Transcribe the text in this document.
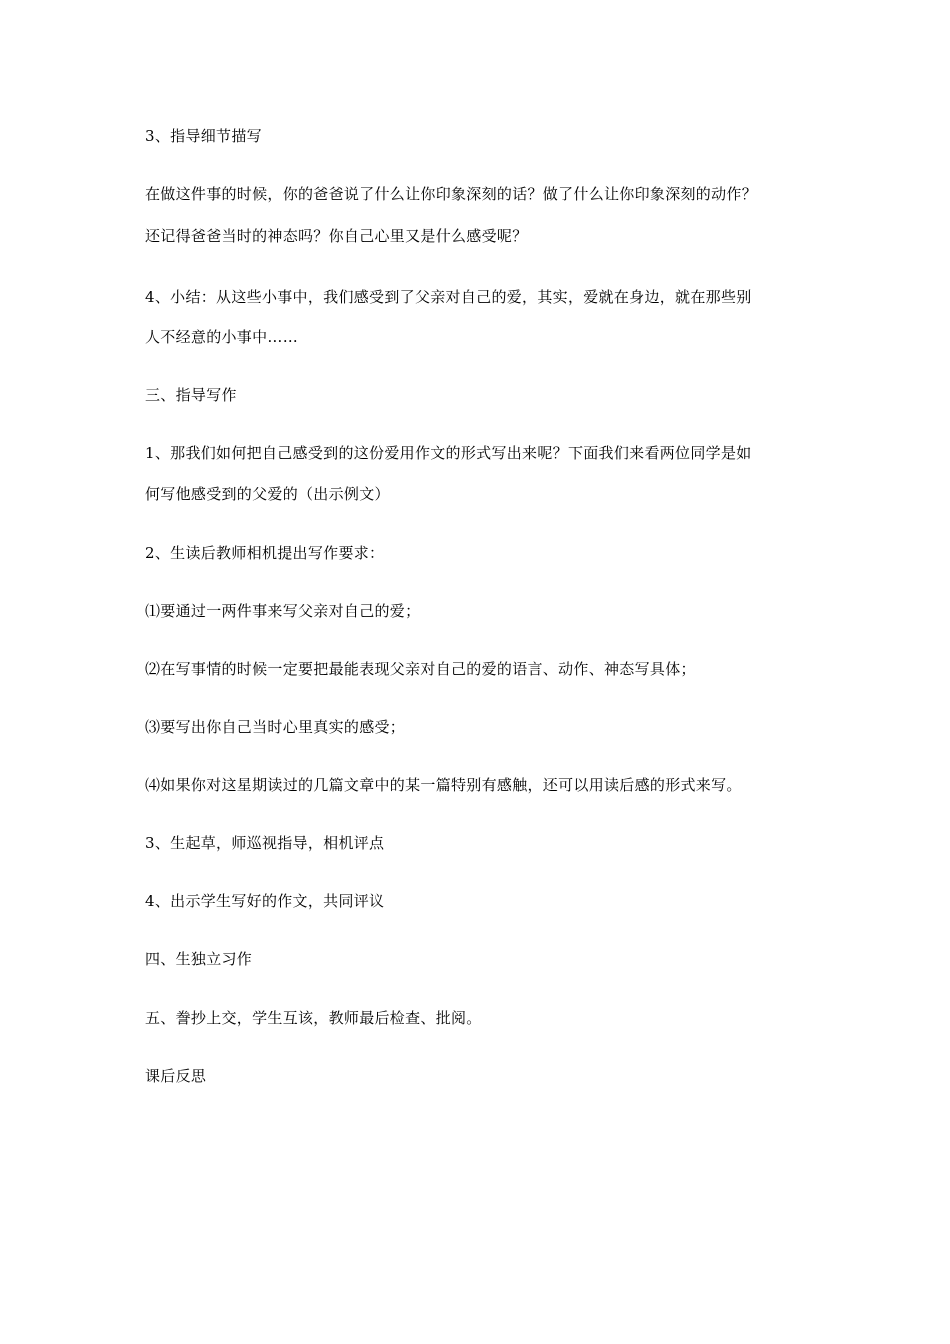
3、指导细节描写
在做这件事的时候，你的爸爸说了什么让你印象深刻的话？做了什么让你印象深刻的动作？
还记得爸爸当时的神态吗？你自己心里又是什么感受呢？
4、小结：从这些小事中，我们感受到了父亲对自己的爱，其实，爱就在身边，就在那些别
人不经意的小事中……
三、指导写作
1、那我们如何把自己感受到的这份爱用作文的形式写出来呢？下面我们来看两位同学是如
何写他感受到的父爱的（出示例文）
2、生读后教师相机提出写作要求：
⑴要通过一两件事来写父亲对自己的爱；
⑵在写事情的时候一定要把最能表现父亲对自己的爱的语言、动作、神态写具体；
⑶要写出你自己当时心里真实的感受；
⑷如果你对这星期读过的几篇文章中的某一篇特别有感触，还可以用读后感的形式来写。
3、生起草，师巡视指导，相机评点
4、出示学生写好的作文，共同评议
四、生独立习作
五、誊抄上交，学生互该，教师最后检查、批阅。
课后反思
